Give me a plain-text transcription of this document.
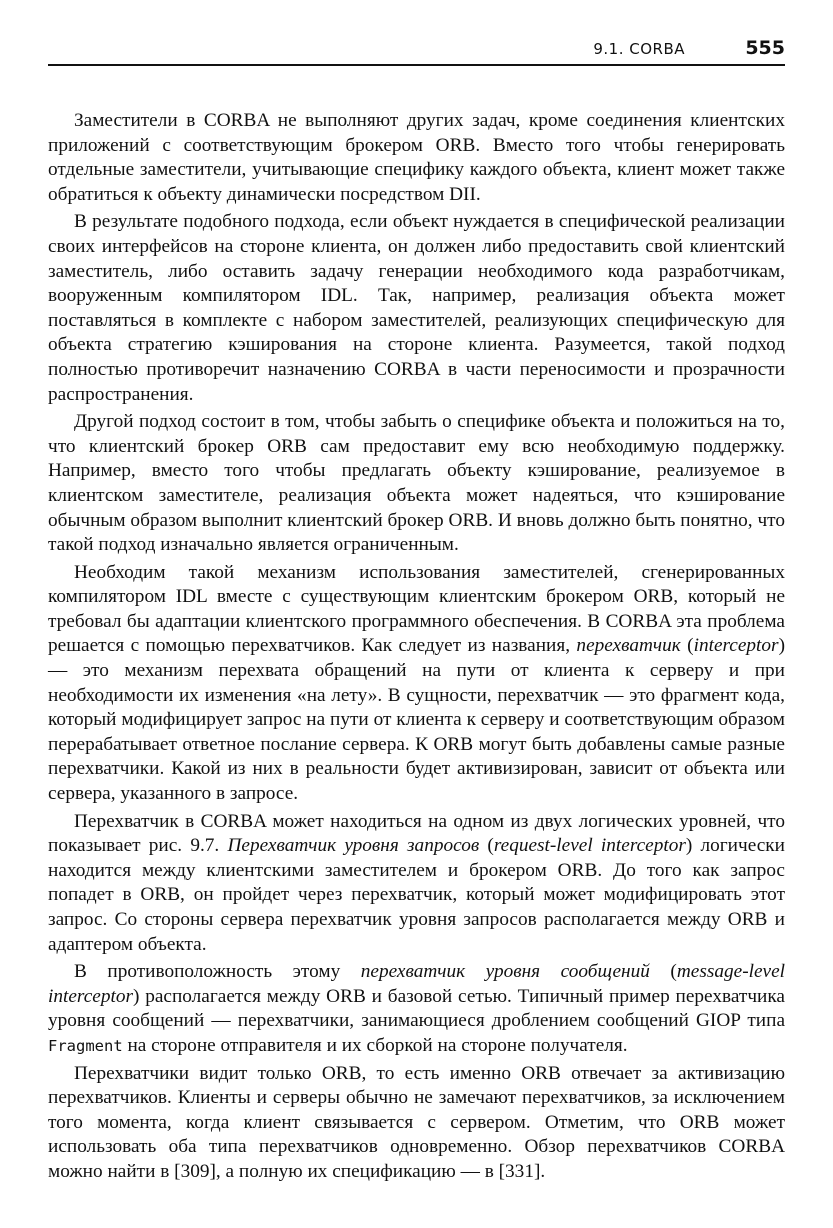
9.1. CORBA	555

Заместители в CORBA не выполняют других задач, кроме соединения клиентских приложений с соответствующим брокером ORB. Вместо того чтобы генерировать отдельные заместители, учитывающие специфику каждого объекта, клиент может также обратиться к объекту динамически посредством DII.

В результате подобного подхода, если объект нуждается в специфической реализации своих интерфейсов на стороне клиента, он должен либо предоставить свой клиентский заместитель, либо оставить задачу генерации необходимого кода разработчикам, вооруженным компилятором IDL. Так, например, реализация объекта может поставляться в комплекте с набором заместителей, реализующих специфическую для объекта стратегию кэширования на стороне клиента. Разумеется, такой подход полностью противоречит назначению CORBA в части переносимости и прозрачности распространения.

Другой подход состоит в том, чтобы забыть о специфике объекта и положиться на то, что клиентский брокер ORB сам предоставит ему всю необходимую поддержку. Например, вместо того чтобы предлагать объекту кэширование, реализуемое в клиентском заместителе, реализация объекта может надеяться, что кэширование обычным образом выполнит клиентский брокер ORB. И вновь должно быть понятно, что такой подход изначально является ограниченным.

Необходим такой механизм использования заместителей, сгенерированных компилятором IDL вместе с существующим клиентским брокером ORB, который не требовал бы адаптации клиентского программного обеспечения. В CORBA эта проблема решается с помощью перехватчиков. Как следует из названия, перехватчик (interceptor) — это механизм перехвата обращений на пути от клиента к серверу и при необходимости их изменения «на лету». В сущности, перехватчик — это фрагмент кода, который модифицирует запрос на пути от клиента к серверу и соответствующим образом перерабатывает ответное послание сервера. К ORB могут быть добавлены самые разные перехватчики. Какой из них в реальности будет активизирован, зависит от объекта или сервера, указанного в запросе.

Перехватчик в CORBA может находиться на одном из двух логических уровней, что показывает рис. 9.7. Перехватчик уровня запросов (request-level interceptor) логически находится между клиентскими заместителем и брокером ORB. До того как запрос попадет в ORB, он пройдет через перехватчик, который может модифицировать этот запрос. Со стороны сервера перехватчик уровня запросов располагается между ORB и адаптером объекта.

В противоположность этому перехватчик уровня сообщений (message-level interceptor) располагается между ORB и базовой сетью. Типичный пример перехватчика уровня сообщений — перехватчики, занимающиеся дроблением сообщений GIOP типа Fragment на стороне отправителя и их сборкой на стороне получателя.

Перехватчики видит только ORB, то есть именно ORB отвечает за активизацию перехватчиков. Клиенты и серверы обычно не замечают перехватчиков, за исключением того момента, когда клиент связывается с сервером. Отметим, что ORB может использовать оба типа перехватчиков одновременно. Обзор перехватчиков CORBA можно найти в [309], а полную их спецификацию — в [331].
